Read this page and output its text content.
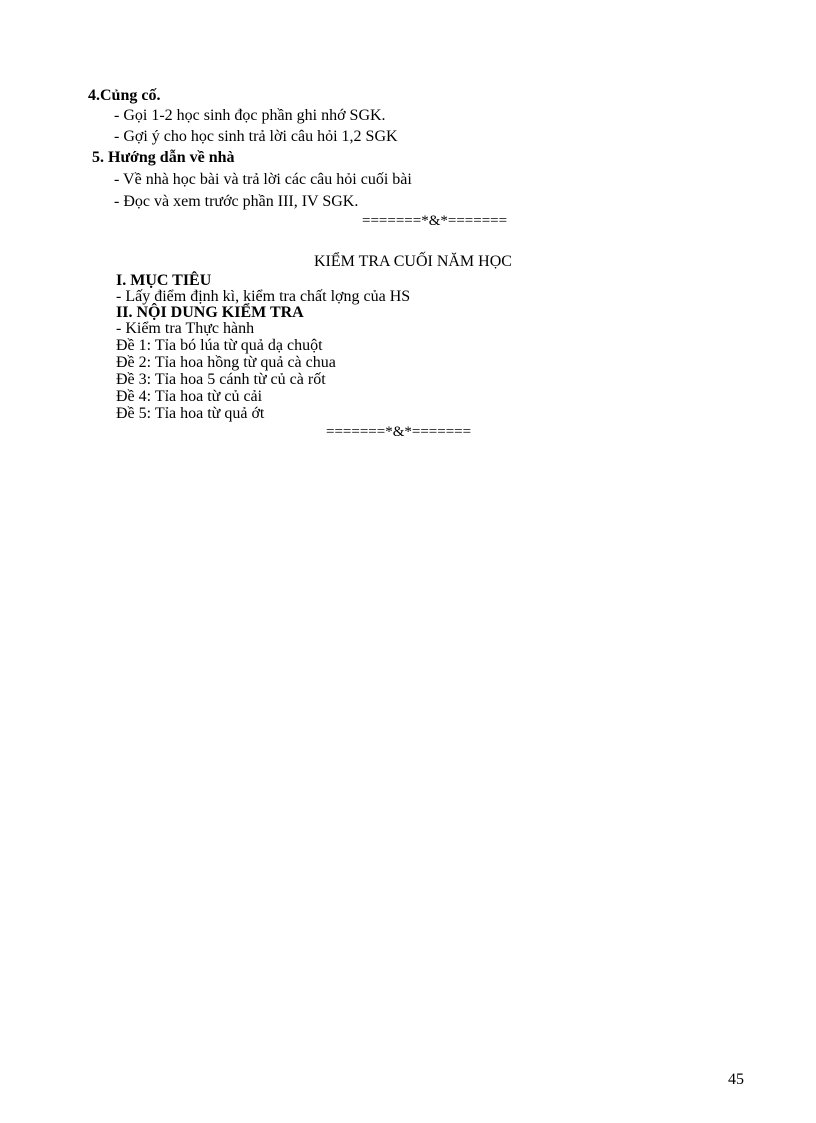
4.Củng cố.
- Gọi 1-2 học sinh đọc phần ghi nhớ SGK.
- Gợi ý cho học sinh trả lời câu hỏi 1,2 SGK
5. Hướng dẫn về nhà
- Về nhà học bài và trả lời các câu hỏi cuối bài
- Đọc và xem trước phần III, IV SGK.
=======*&*=======
KIỂM TRA CUỐI NĂM HỌC
I. MỤC TIÊU
- Lấy điểm định kì, kiểm tra chất lợng của HS
II. NỘI DUNG KIỂM TRA
- Kiểm tra Thực hành
Đề 1: Tỉa bó lúa từ quả dạ chuột
Đề 2: Tỉa hoa hồng từ quả cà chua
Đề 3: Tỉa hoa 5 cánh từ củ cà rốt
Đề 4: Tỉa hoa từ củ cải
Đề 5: Tỉa hoa từ quả ớt
=======*&*=======
45
